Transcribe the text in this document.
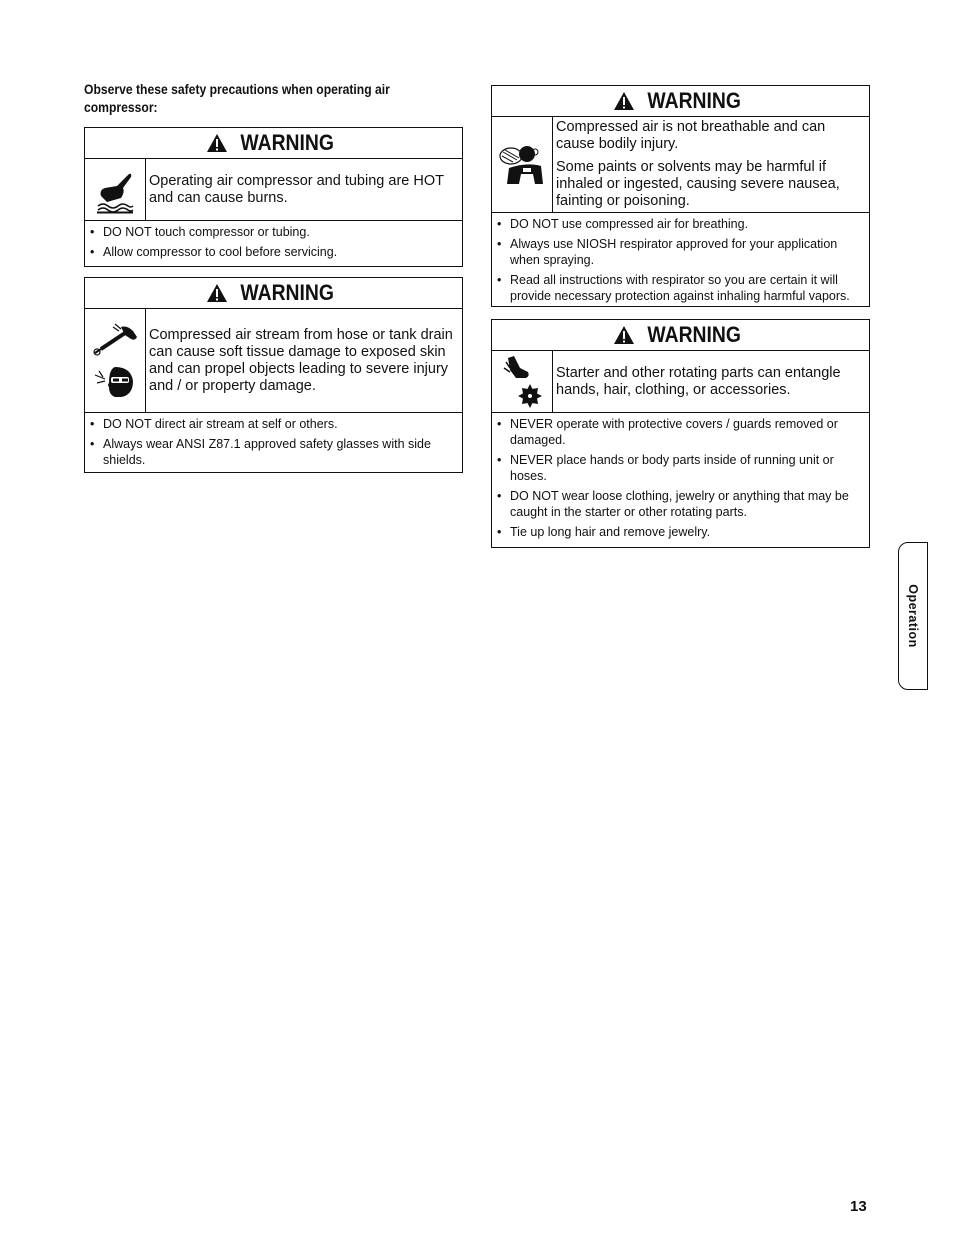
Observe these safety precautions when operating air compressor:
WARNING

Operating air compressor and tubing are HOT and can cause burns.

• DO NOT touch compressor or tubing.
• Allow compressor to cool before servicing.
WARNING

Compressed air stream from hose or tank drain can cause soft tissue damage to exposed skin and can propel objects leading to severe injury and / or property damage.

• DO NOT direct air stream at self or others.
• Always wear ANSI Z87.1 approved safety glasses with side shields.
WARNING

Compressed air is not breathable and can cause bodily injury.

Some paints or solvents may be harmful if inhaled or ingested, causing severe nausea, fainting or poisoning.

• DO NOT use compressed air for breathing.
• Always use NIOSH respirator approved for your application when spraying.
• Read all instructions with respirator so you are certain it will provide necessary protection against inhaling harmful vapors.
WARNING

Starter and other rotating parts can entangle hands, hair, clothing, or accessories.

• NEVER operate with protective covers / guards removed or damaged.
• NEVER place hands or body parts inside of running unit or hoses.
• DO NOT wear loose clothing, jewelry or anything that may be caught in the starter or other rotating parts.
• Tie up long hair and remove jewelry.
Operation
13
